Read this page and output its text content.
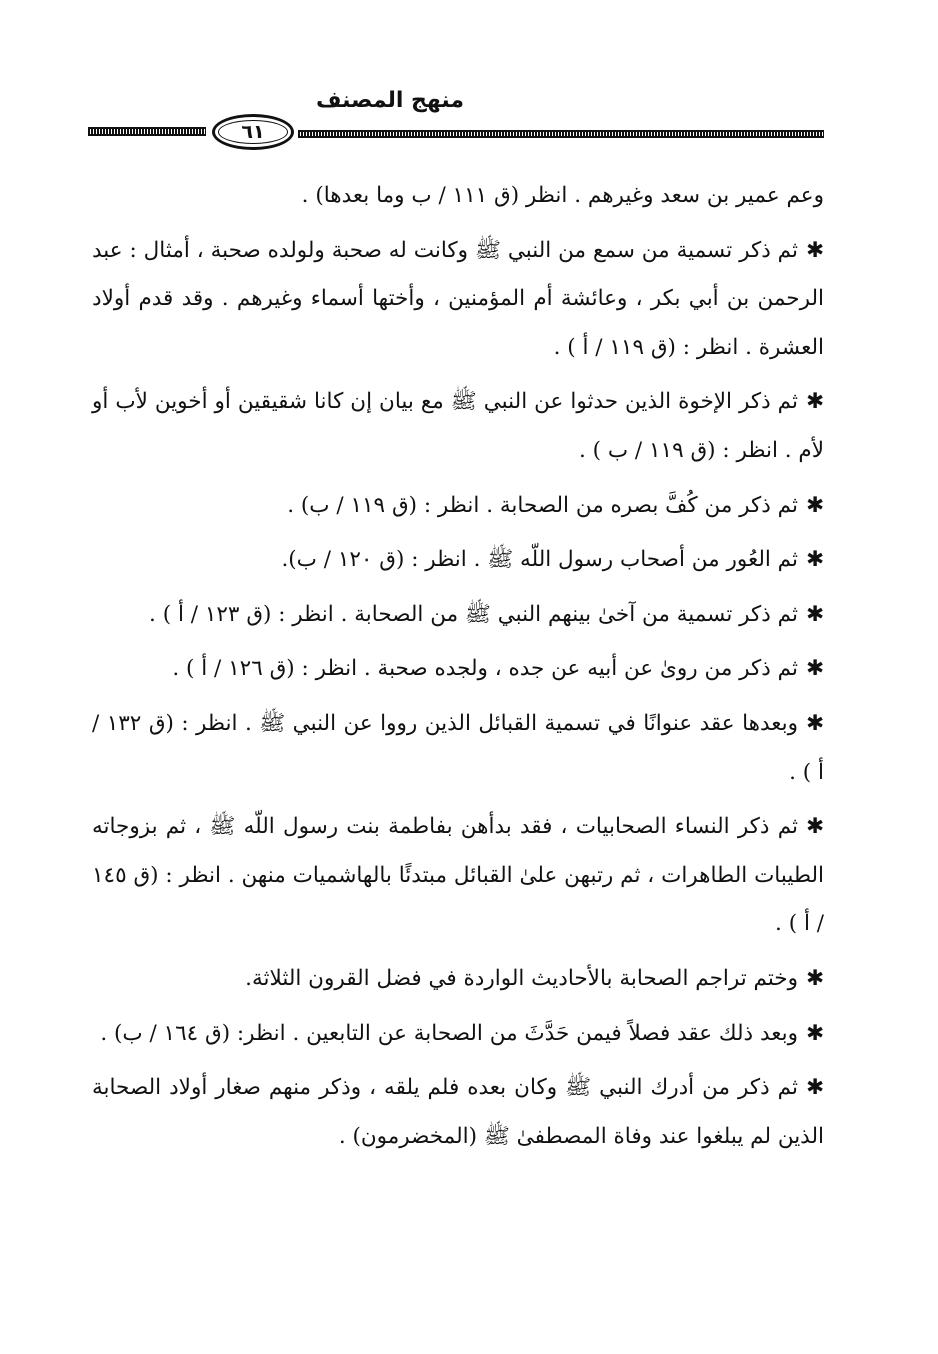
منهج المصنف
٦١

وعم عمير بن سعد وغيرهم . انظر (ق ١١١ / ب وما بعدها) .

✱ثم ذكر تسمية من سمع من النبي ﷺ وكانت له صحبة ولولده صحبة ، أمثال : عبد الرحمن بن أبي بكر ، وعائشة أم المؤمنين ، وأختها أسماء وغيرهم . وقد قدم أولاد العشرة . انظر : (ق ١١٩ / أ ) .

✱ثم ذكر الإخوة الذين حدثوا عن النبي ﷺ مع بيان إن كانا شقيقين أو أخوين لأب أو لأم . انظر : (ق ١١٩ / ب ) .

✱ثم ذكر من كُفَّ بصره من الصحابة . انظر : (ق ١١٩ / ب) .

✱ثم العُور من أصحاب رسول اللّه ﷺ . انظر : (ق ١٢٠ / ب).

✱ثم ذكر تسمية من آخىٰ بينهم النبي ﷺ من الصحابة . انظر : (ق ١٢٣ / أ ) .

✱ثم ذكر من روىٰ عن أبيه عن جده ، ولجده صحبة . انظر : (ق ١٢٦ / أ ) .

✱وبعدها عقد عنوانًا في تسمية القبائل الذين رووا عن النبي ﷺ . انظر : (ق ١٣٢ / أ ) .

✱ثم ذكر النساء الصحابيات ، فقد بدأهن بفاطمة بنت رسول اللّه ﷺ ، ثم بزوجاته الطيبات الطاهرات ، ثم رتبهن علىٰ القبائل مبتدئًا بالهاشميات منهن . انظر : (ق ١٤٥ / أ ) .

✱وختم تراجم الصحابة بالأحاديث الواردة في فضل القرون الثلاثة.

✱وبعد ذلك عقد فصلاً فيمن حَدَّثَ من الصحابة عن التابعين . انظر: (ق ١٦٤ / ب) .

✱ثم ذكر من أدرك النبي ﷺ وكان بعده فلم يلقه ، وذكر منهم صغار أولاد الصحابة الذين لم يبلغوا عند وفاة المصطفىٰ ﷺ (المخضرمون) .
